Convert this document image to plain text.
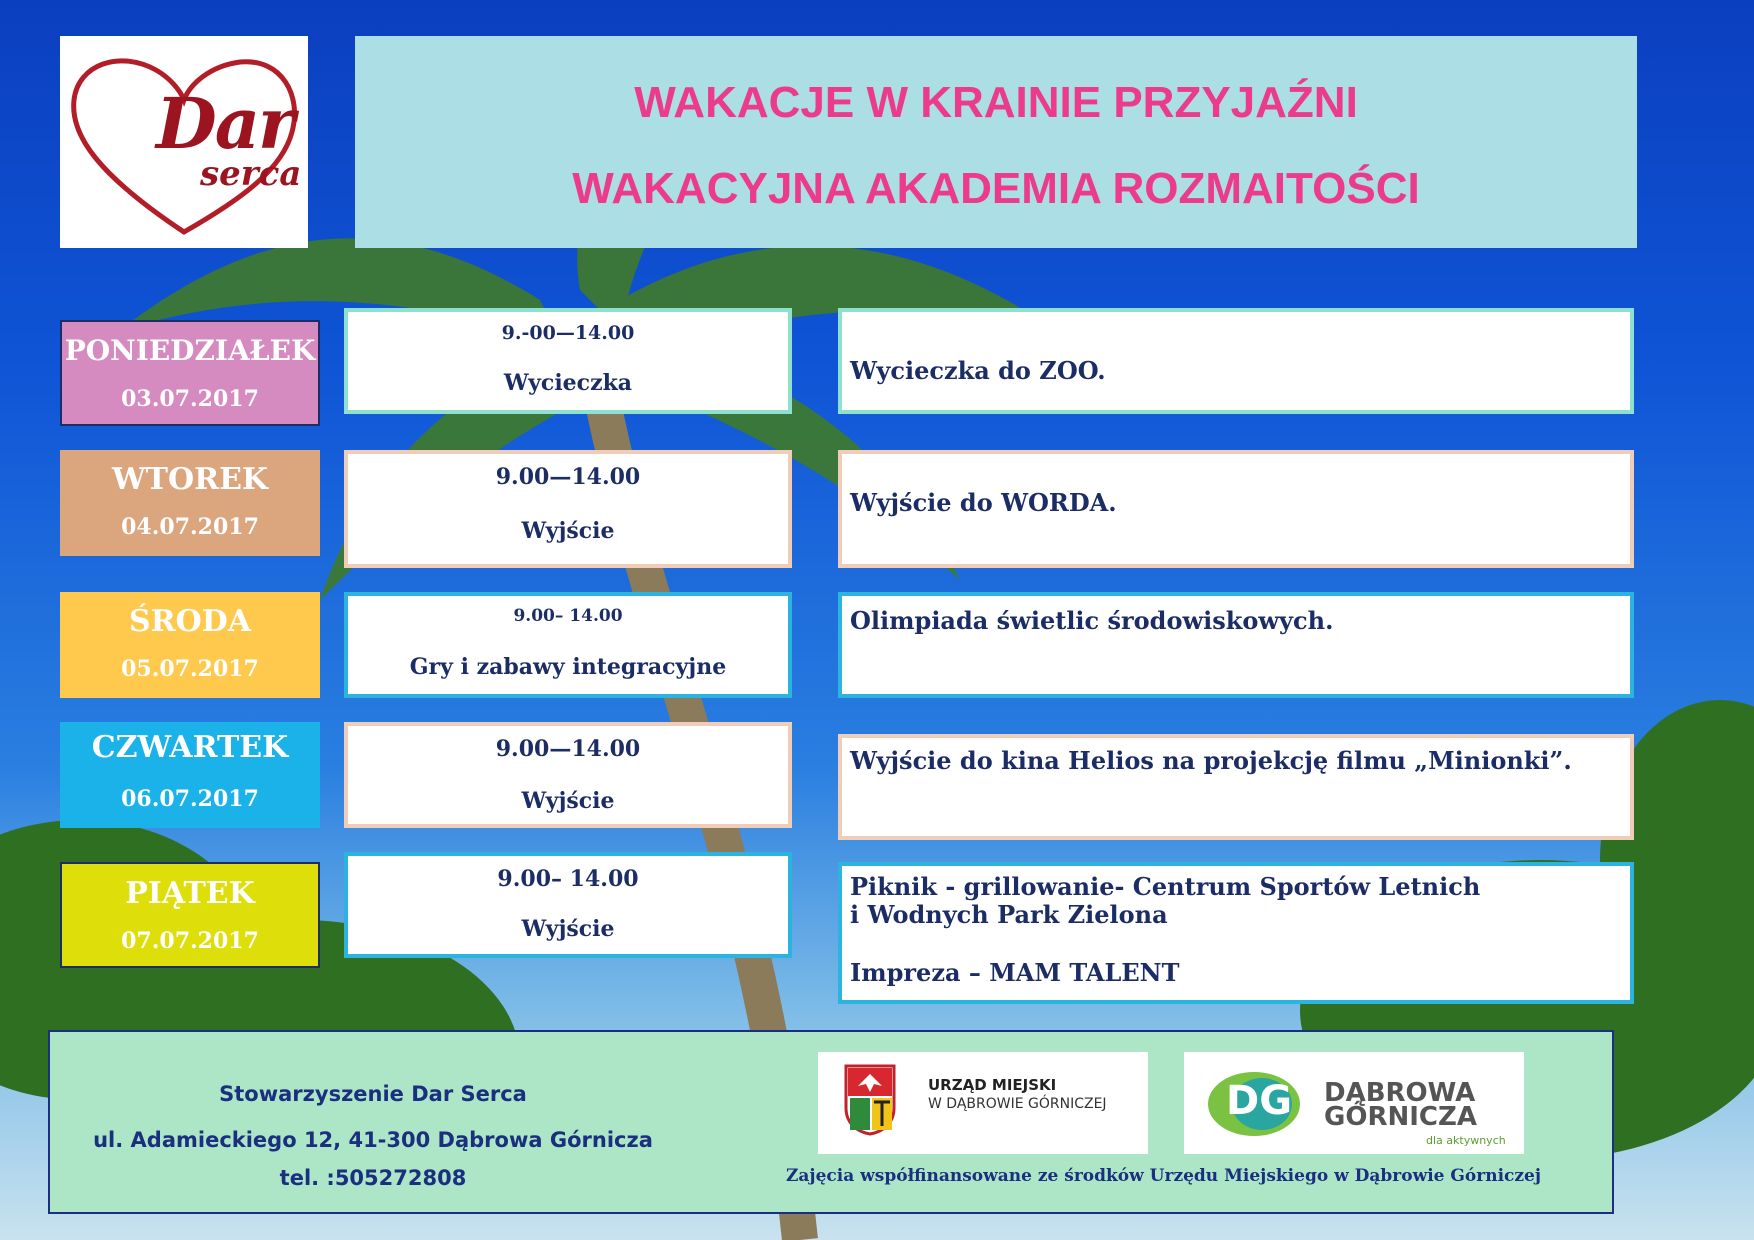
Dar
serca
WAKACJE W KRAINIE PRZYJAŹNI
WAKACYJNA AKADEMIA ROZMAITOŚCI
PONIEDZIAŁEK
03.07.2017
9.-00—14.00
Wycieczka	Wycieczka do ZOO.
WTOREK
04.07.2017
9.00—14.00
Wyjście
Wyjście do WORDA.
ŚRODA
05.07.2017
9.00– 14.00
Gry i zabawy integracyjne
Olimpiada świetlic środowiskowych.
CZWARTEK
06.07.2017
9.00—14.00
Wyjście
Wyjście do kina Helios na projekcję filmu „Minionki”.
PIĄTEK
07.07.2017
9.00– 14.00
Wyjście
Piknik - grillowanie- Centrum Sportów Letnich
i Wodnych Park Zielona
Impreza – MAM TALENT
Stowarzyszenie Dar Serca
ul. Adamieckiego 12, 41-300 Dąbrowa Górnicza
tel. :505272808
URZĄD MIEJSKI
W DĄBROWIE GÓRNICZEJ	DG DĄBROWA
GÓRNICZA
dla aktywnych
Zajęcia współfinansowane ze środków Urzędu Miejskiego w Dąbrowie Górniczej
